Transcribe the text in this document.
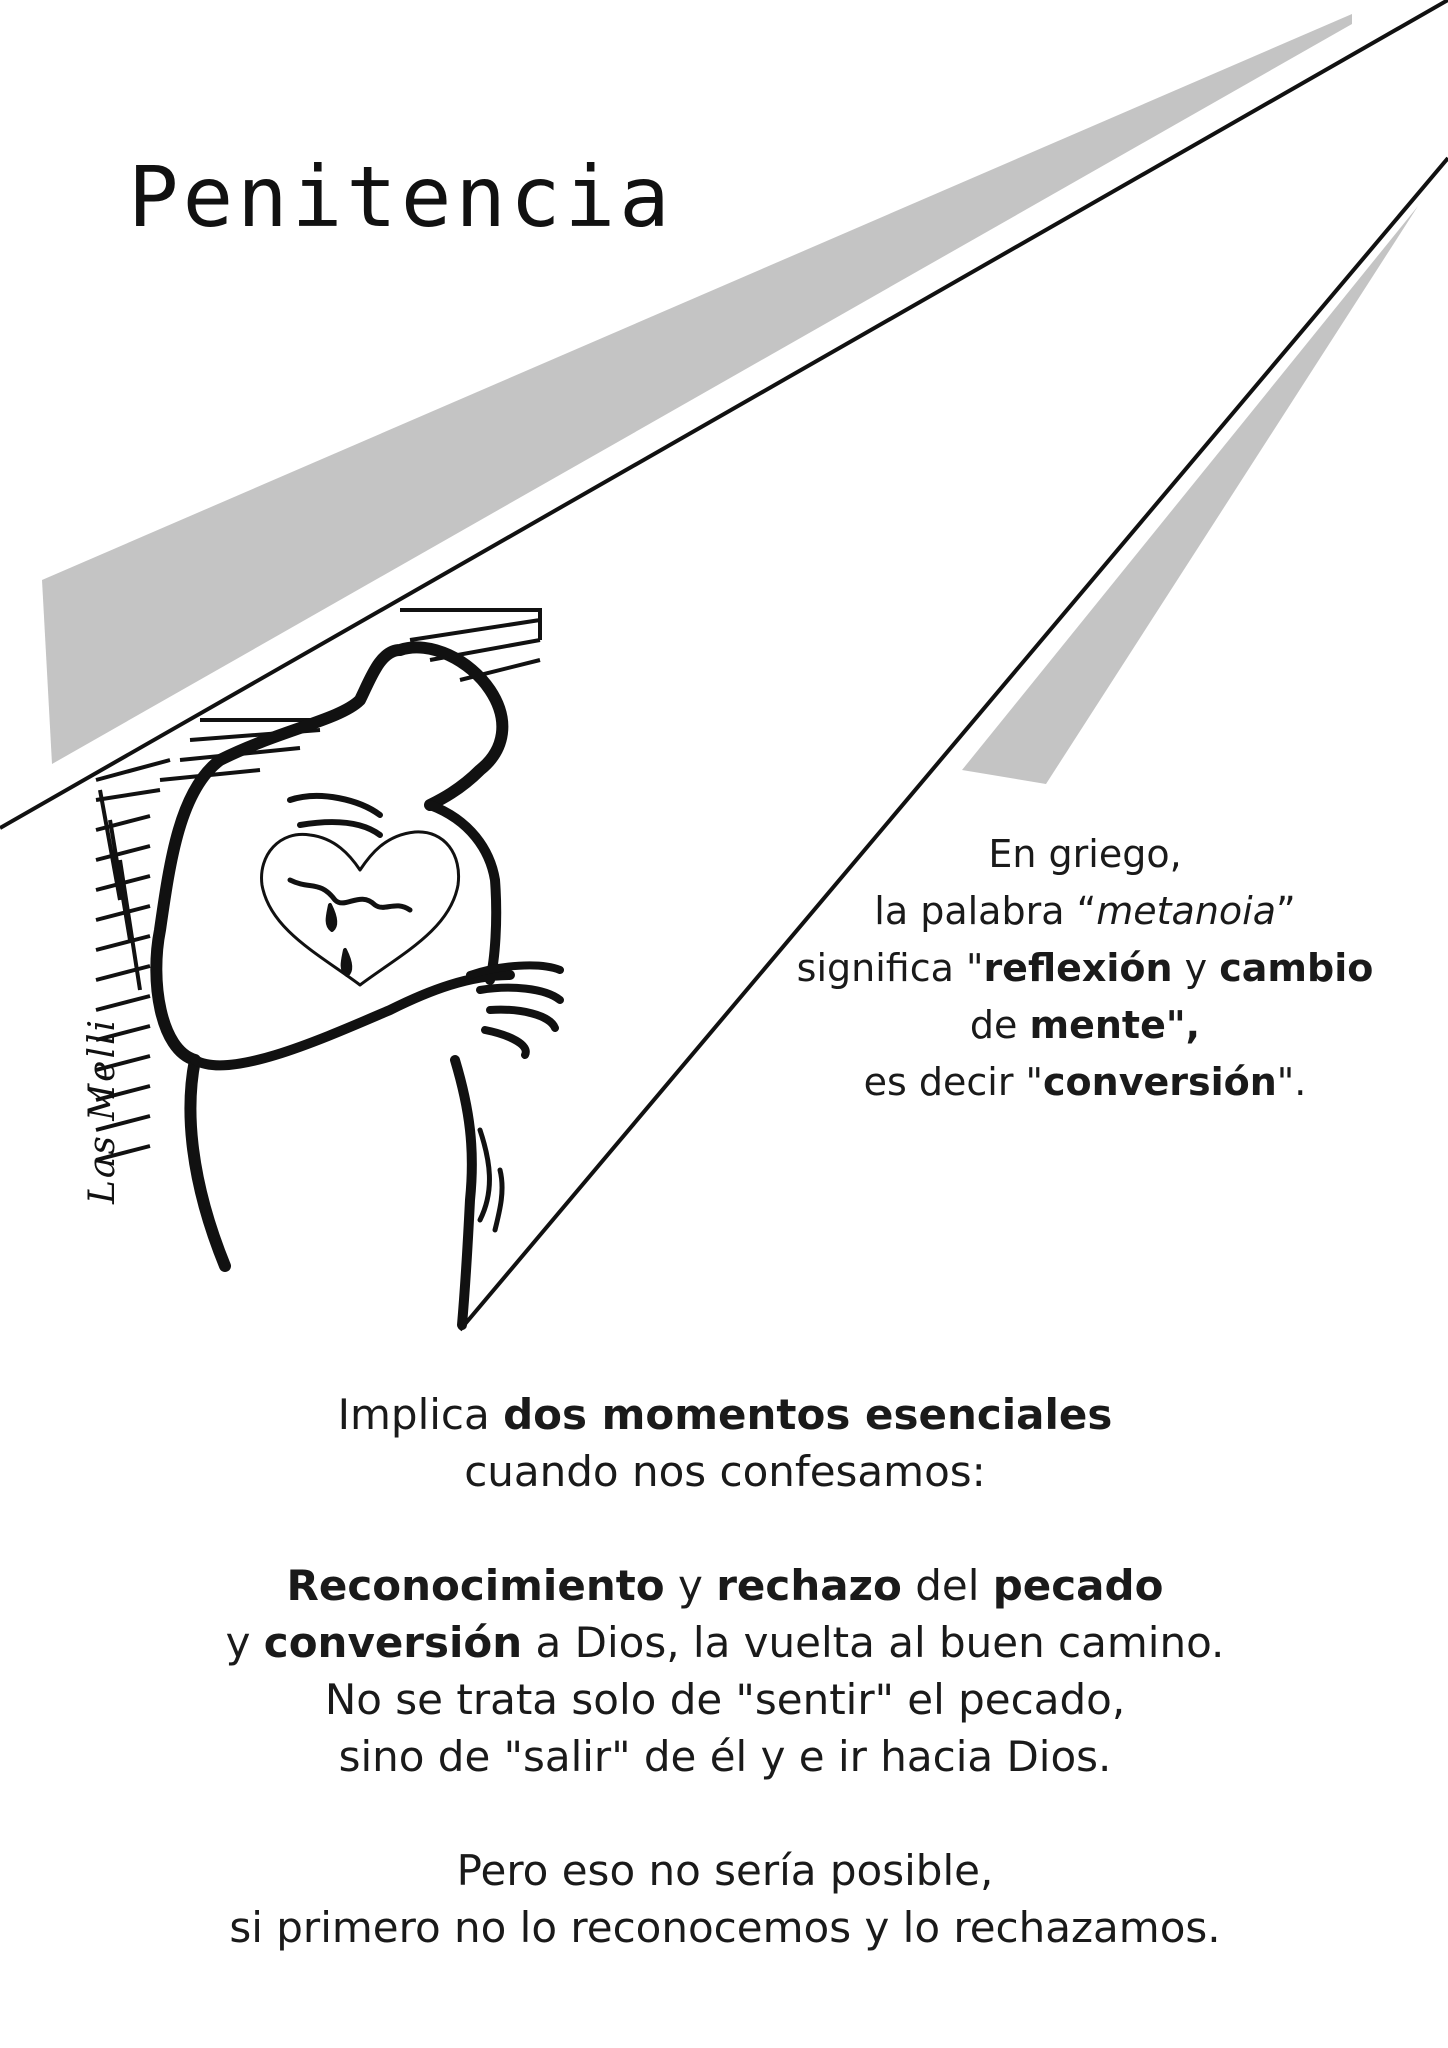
Penitencia
En griego,
la palabra “metanoia”
significa "reflexión y cambio
de mente",
es decir "conversión".

Implica dos momentos esenciales

cuando nos confesamos:

Reconocimiento y rechazo del pecado

y conversión a Dios, la vuelta al buen camino.

No se trata solo de "sentir" el pecado,

sino de "salir" de él y e ir hacia Dios.

Pero eso no sería posible,

si primero no lo reconocemos y lo rechazamos.

Las Melli
